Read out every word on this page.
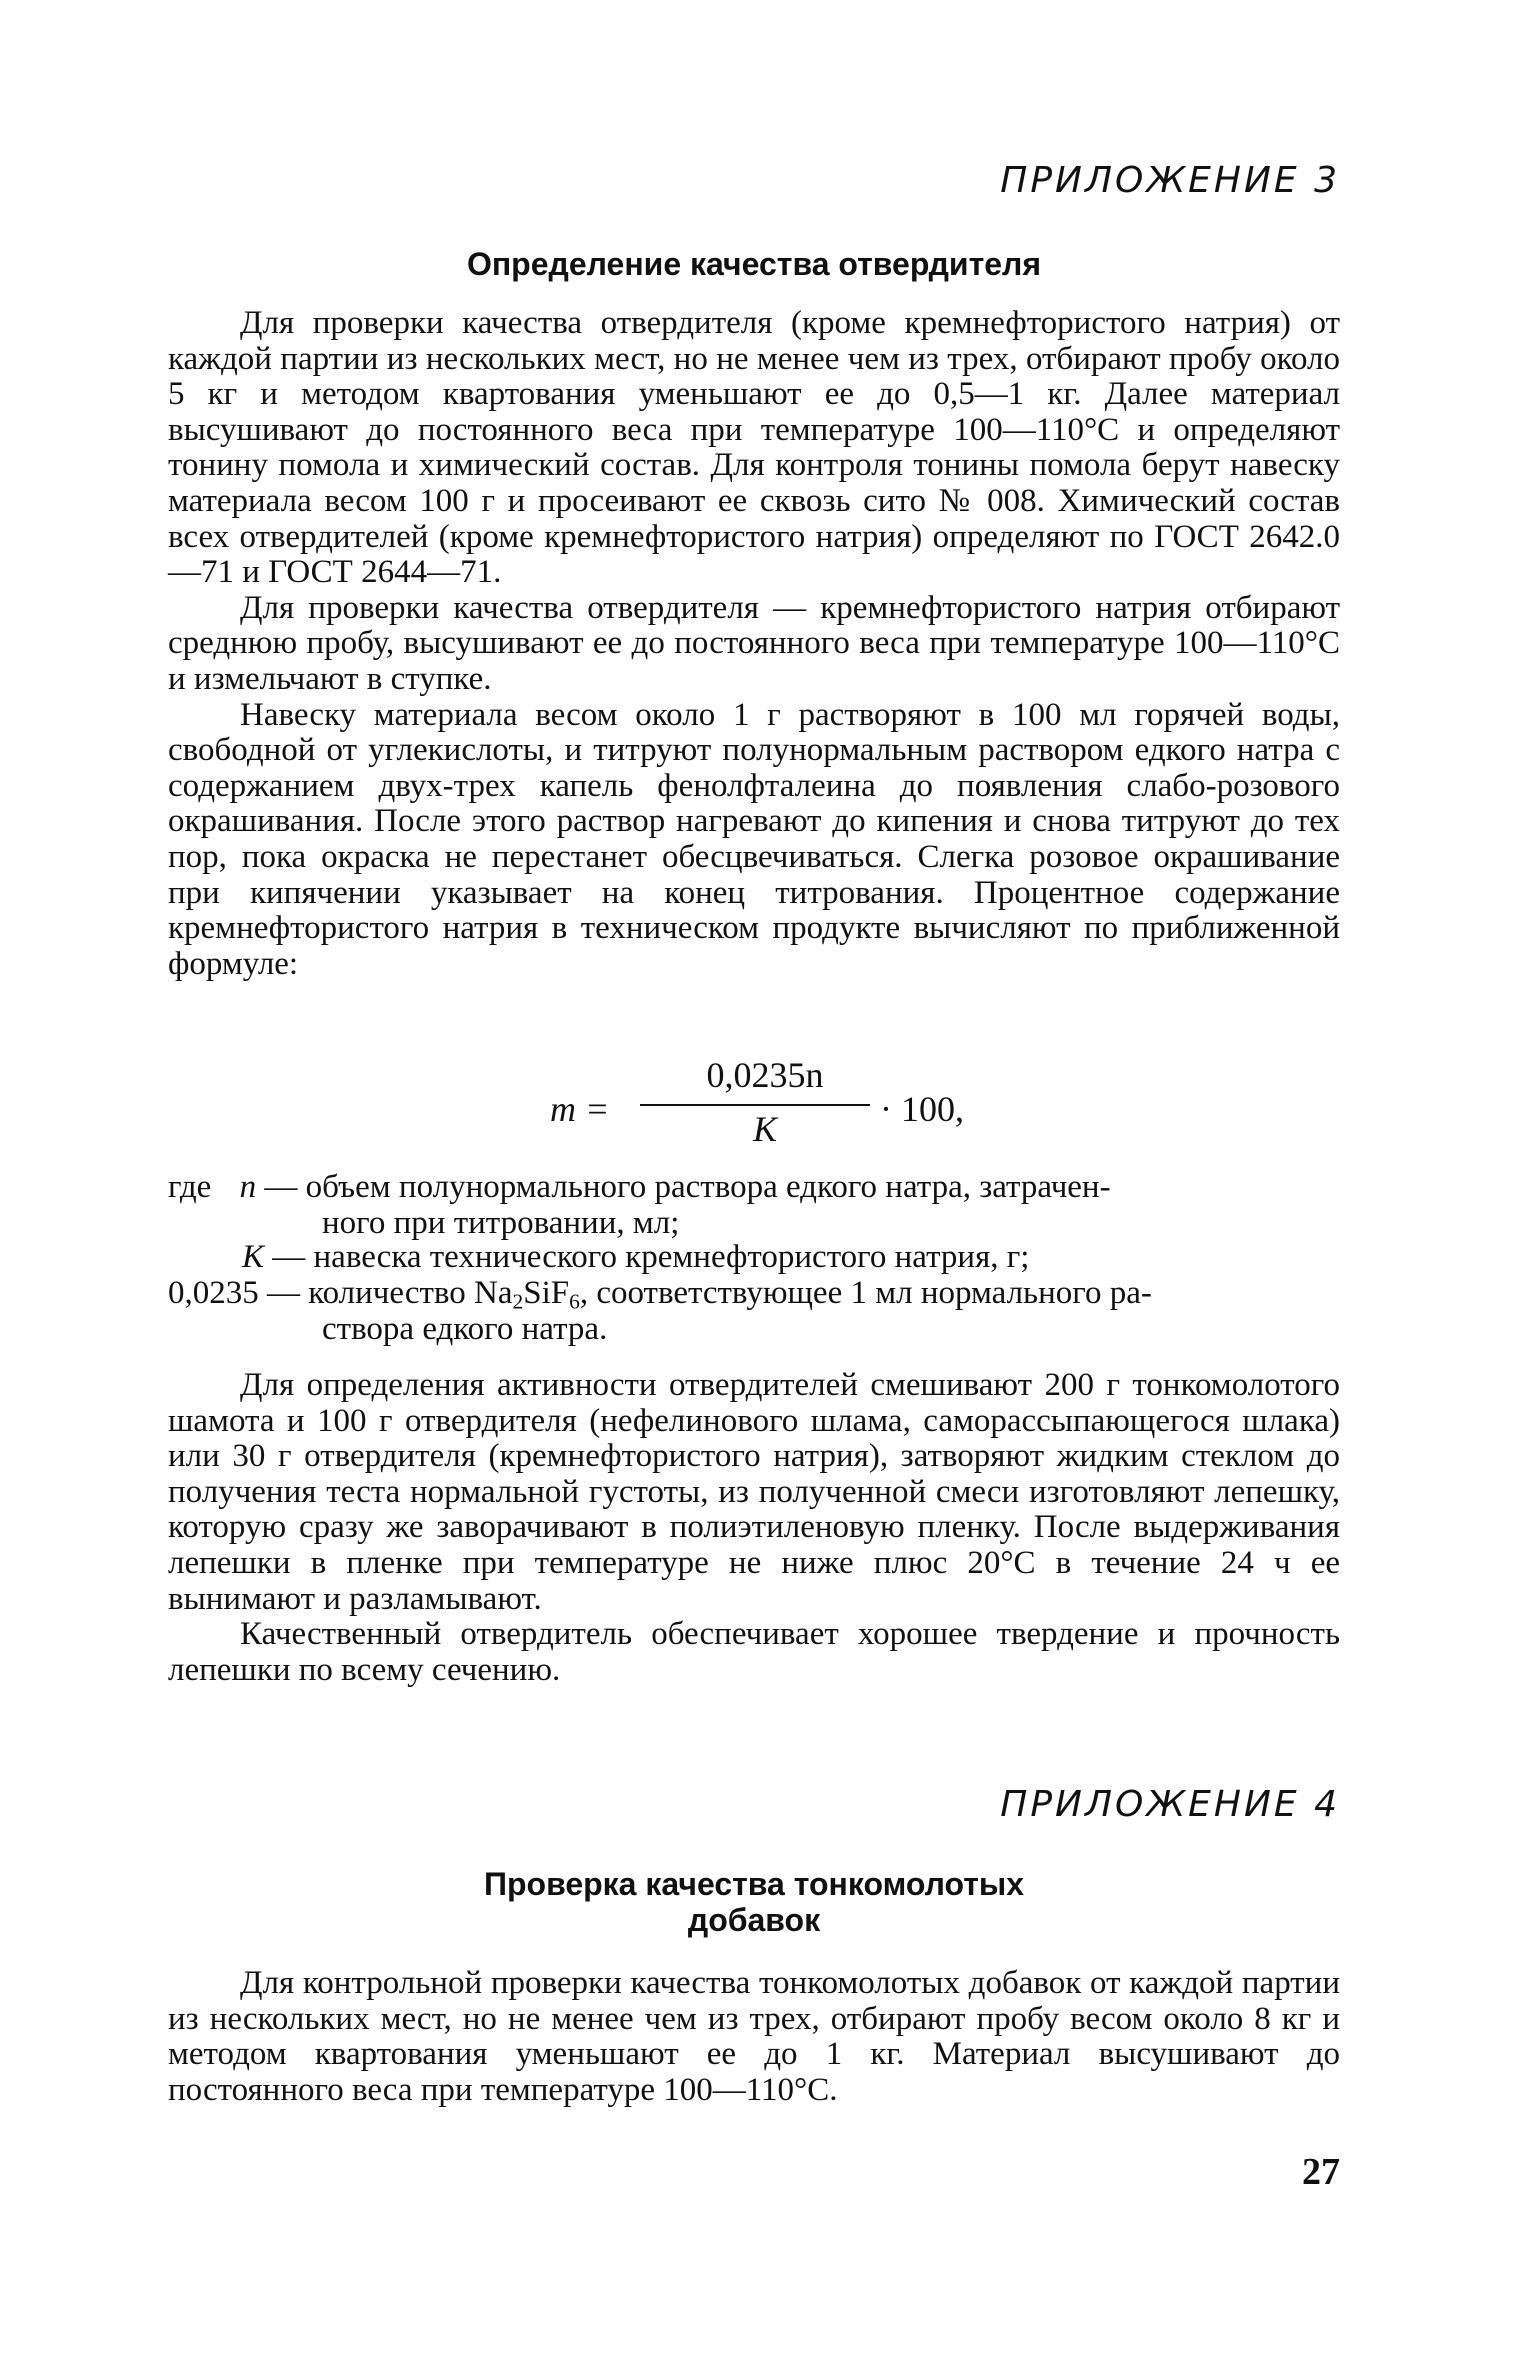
ПРИЛОЖЕНИЕ 3
Определение качества отвердителя

Для проверки качества отвердителя (кроме кремнефтористого натрия) от каждой партии из нескольких мест, но не менее чем из трех, отбирают пробу около 5 кг и методом квартования уменьшают ее до 0,5—1 кг. Далее материал высушивают до постоянного веса при температуре 100—110°С и определяют тонину помола и химический состав. Для контроля тонины помола берут навеску материала весом 100 г и просеивают ее сквозь сито № 008. Химический состав всех отвердителей (кроме кремнефтористого натрия) определяют по ГОСТ 2642.0—71 и ГОСТ 2644—71.

Для проверки качества отвердителя — кремнефтористого натрия отбирают среднюю пробу, высушивают ее до постоянного веса при температуре 100—110°С и измельчают в ступке.

Навеску материала весом около 1 г растворяют в 100 мл горячей воды, свободной от углекислоты, и титруют полунормальным раствором едкого натра с содержанием двух-трех капель фенолфталеина до появления слабо-розового окрашивания. После этого раствор нагревают до кипения и снова титруют до тех пор, пока окраска не перестанет обесцвечиваться. Слегка розовое окрашивание при кипячении указывает на конец титрования. Процентное содержание кремнефтористого натрия в техническом продукте вычисляют по приближенной формуле:

m =
0,0235n
K	· 100,
где n — объем полунормального раствора едкого натра, затрачен-
ного при титровании, мл;
K — навеска технического кремнефтористого натрия, г;
0,0235 — количество $Na_2SiF_6$, соответствующее 1 мл нормального ра-
створа едкого натра.

Для определения активности отвердителей смешивают 200 г тонкомолотого шамота и 100 г отвердителя (нефелинового шлама, саморассыпающегося шлака) или 30 г отвердителя (кремнефтористого натрия), затворяют жидким стеклом до получения теста нормальной густоты, из полученной смеси изготовляют лепешку, которую сразу же заворачивают в полиэтиленовую пленку. После выдерживания лепешки в пленке при температуре не ниже плюс 20°С в течение 24 ч ее вынимают и разламывают.

Качественный отвердитель обеспечивает хорошее твердение и прочность лепешки по всему сечению.

ПРИЛОЖЕНИЕ 4
Проверка качества тонкомолотых
добавок

Для контрольной проверки качества тонкомолотых добавок от каждой партии из нескольких мест, но не менее чем из трех, отбирают пробу весом около 8 кг и методом квартования уменьшают ее до 1 кг. Материал высушивают до постоянного веса при температуре 100—110°С.

27
